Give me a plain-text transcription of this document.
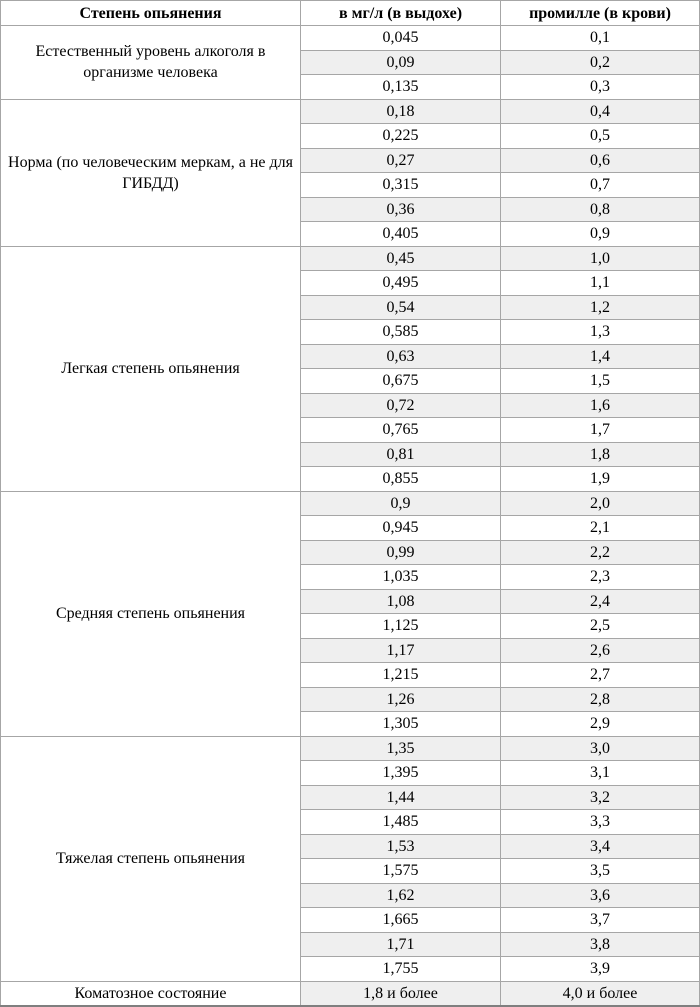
Степень опьянения	в мг/л (в выдохе)	промилле (в крови)
Естественный уровень алкоголя в организме человека	0,045	0,1
	0,09	0,2
	0,135	0,3
Норма (по человеческим меркам, а не для ГИБДД)	0,18	0,4
	0,225	0,5
	0,27	0,6
	0,315	0,7
	0,36	0,8
	0,405	0,9
Легкая степень опьянения	0,45	1,0
	0,495	1,1
	0,54	1,2
	0,585	1,3
	0,63	1,4
	0,675	1,5
	0,72	1,6
	0,765	1,7
	0,81	1,8
	0,855	1,9
Средняя степень опьянения	0,9	2,0
	0,945	2,1
	0,99	2,2
	1,035	2,3
	1,08	2,4
	1,125	2,5
	1,17	2,6
	1,215	2,7
	1,26	2,8
	1,305	2,9
Тяжелая степень опьянения	1,35	3,0
	1,395	3,1
	1,44	3,2
	1,485	3,3
	1,53	3,4
	1,575	3,5
	1,62	3,6
	1,665	3,7
	1,71	3,8
	1,755	3,9
Коматозное состояние	1,8 и более	4,0 и более
